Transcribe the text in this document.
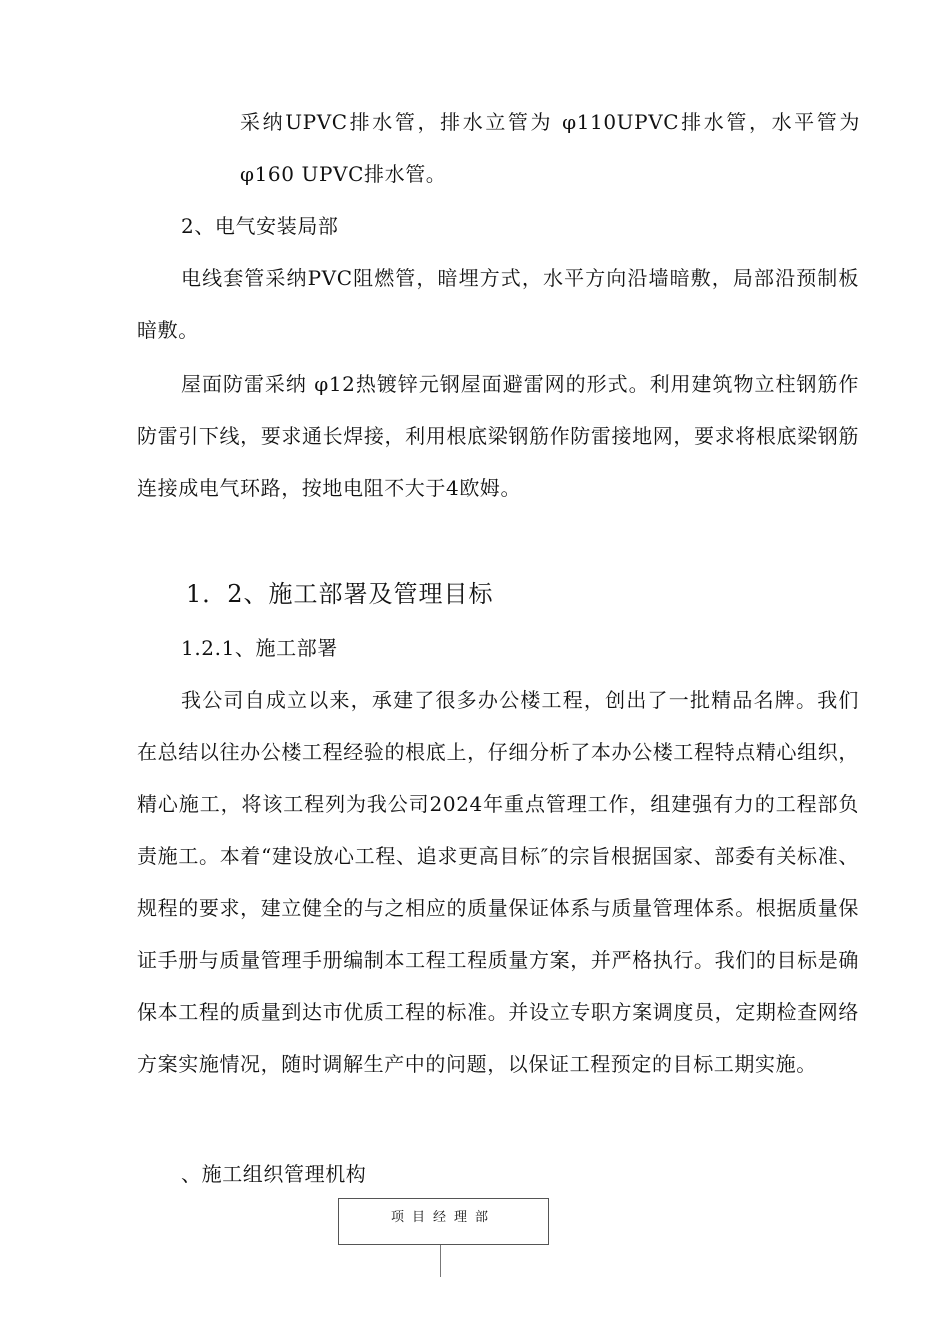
采纳UPVC排水管，排水立管为 φ110UPVC排水管，水平管为 φ160 UPVC排水管。

2、电气安装局部

电线套管采纳PVC阻燃管，暗埋方式，水平方向沿墙暗敷，局部沿预制板暗敷。

屋面防雷采纳 φ12热镀锌元钢屋面避雷网的形式。利用建筑物立柱钢筋作防雷引下线，要求通长焊接，利用根底梁钢筋作防雷接地网，要求将根底梁钢筋连接成电气环路，按地电阻不大于4欧姆。

1．2、施工部署及管理目标

1.2.1、施工部署

我公司自成立以来，承建了很多办公楼工程，创出了一批精品名牌。我们在总结以往办公楼工程经验的根底上，仔细分析了本办公楼工程特点精心组织，精心施工，将该工程列为我公司2024年重点管理工作，组建强有力的工程部负责施工。本着“建设放心工程、追求更高目标″的宗旨根据国家、部委有关标准、规程的要求，建立健全的与之相应的质量保证体系与质量管理体系。根据质量保证手册与质量管理手册编制本工程工程质量方案，并严格执行。我们的目标是确保本工程的质量到达市优质工程的标准。并设立专职方案调度员，定期检查网络方案实施情况，随时调解生产中的问题，以保证工程预定的目标工期实施。

、施工组织管理机构

项目经理部
